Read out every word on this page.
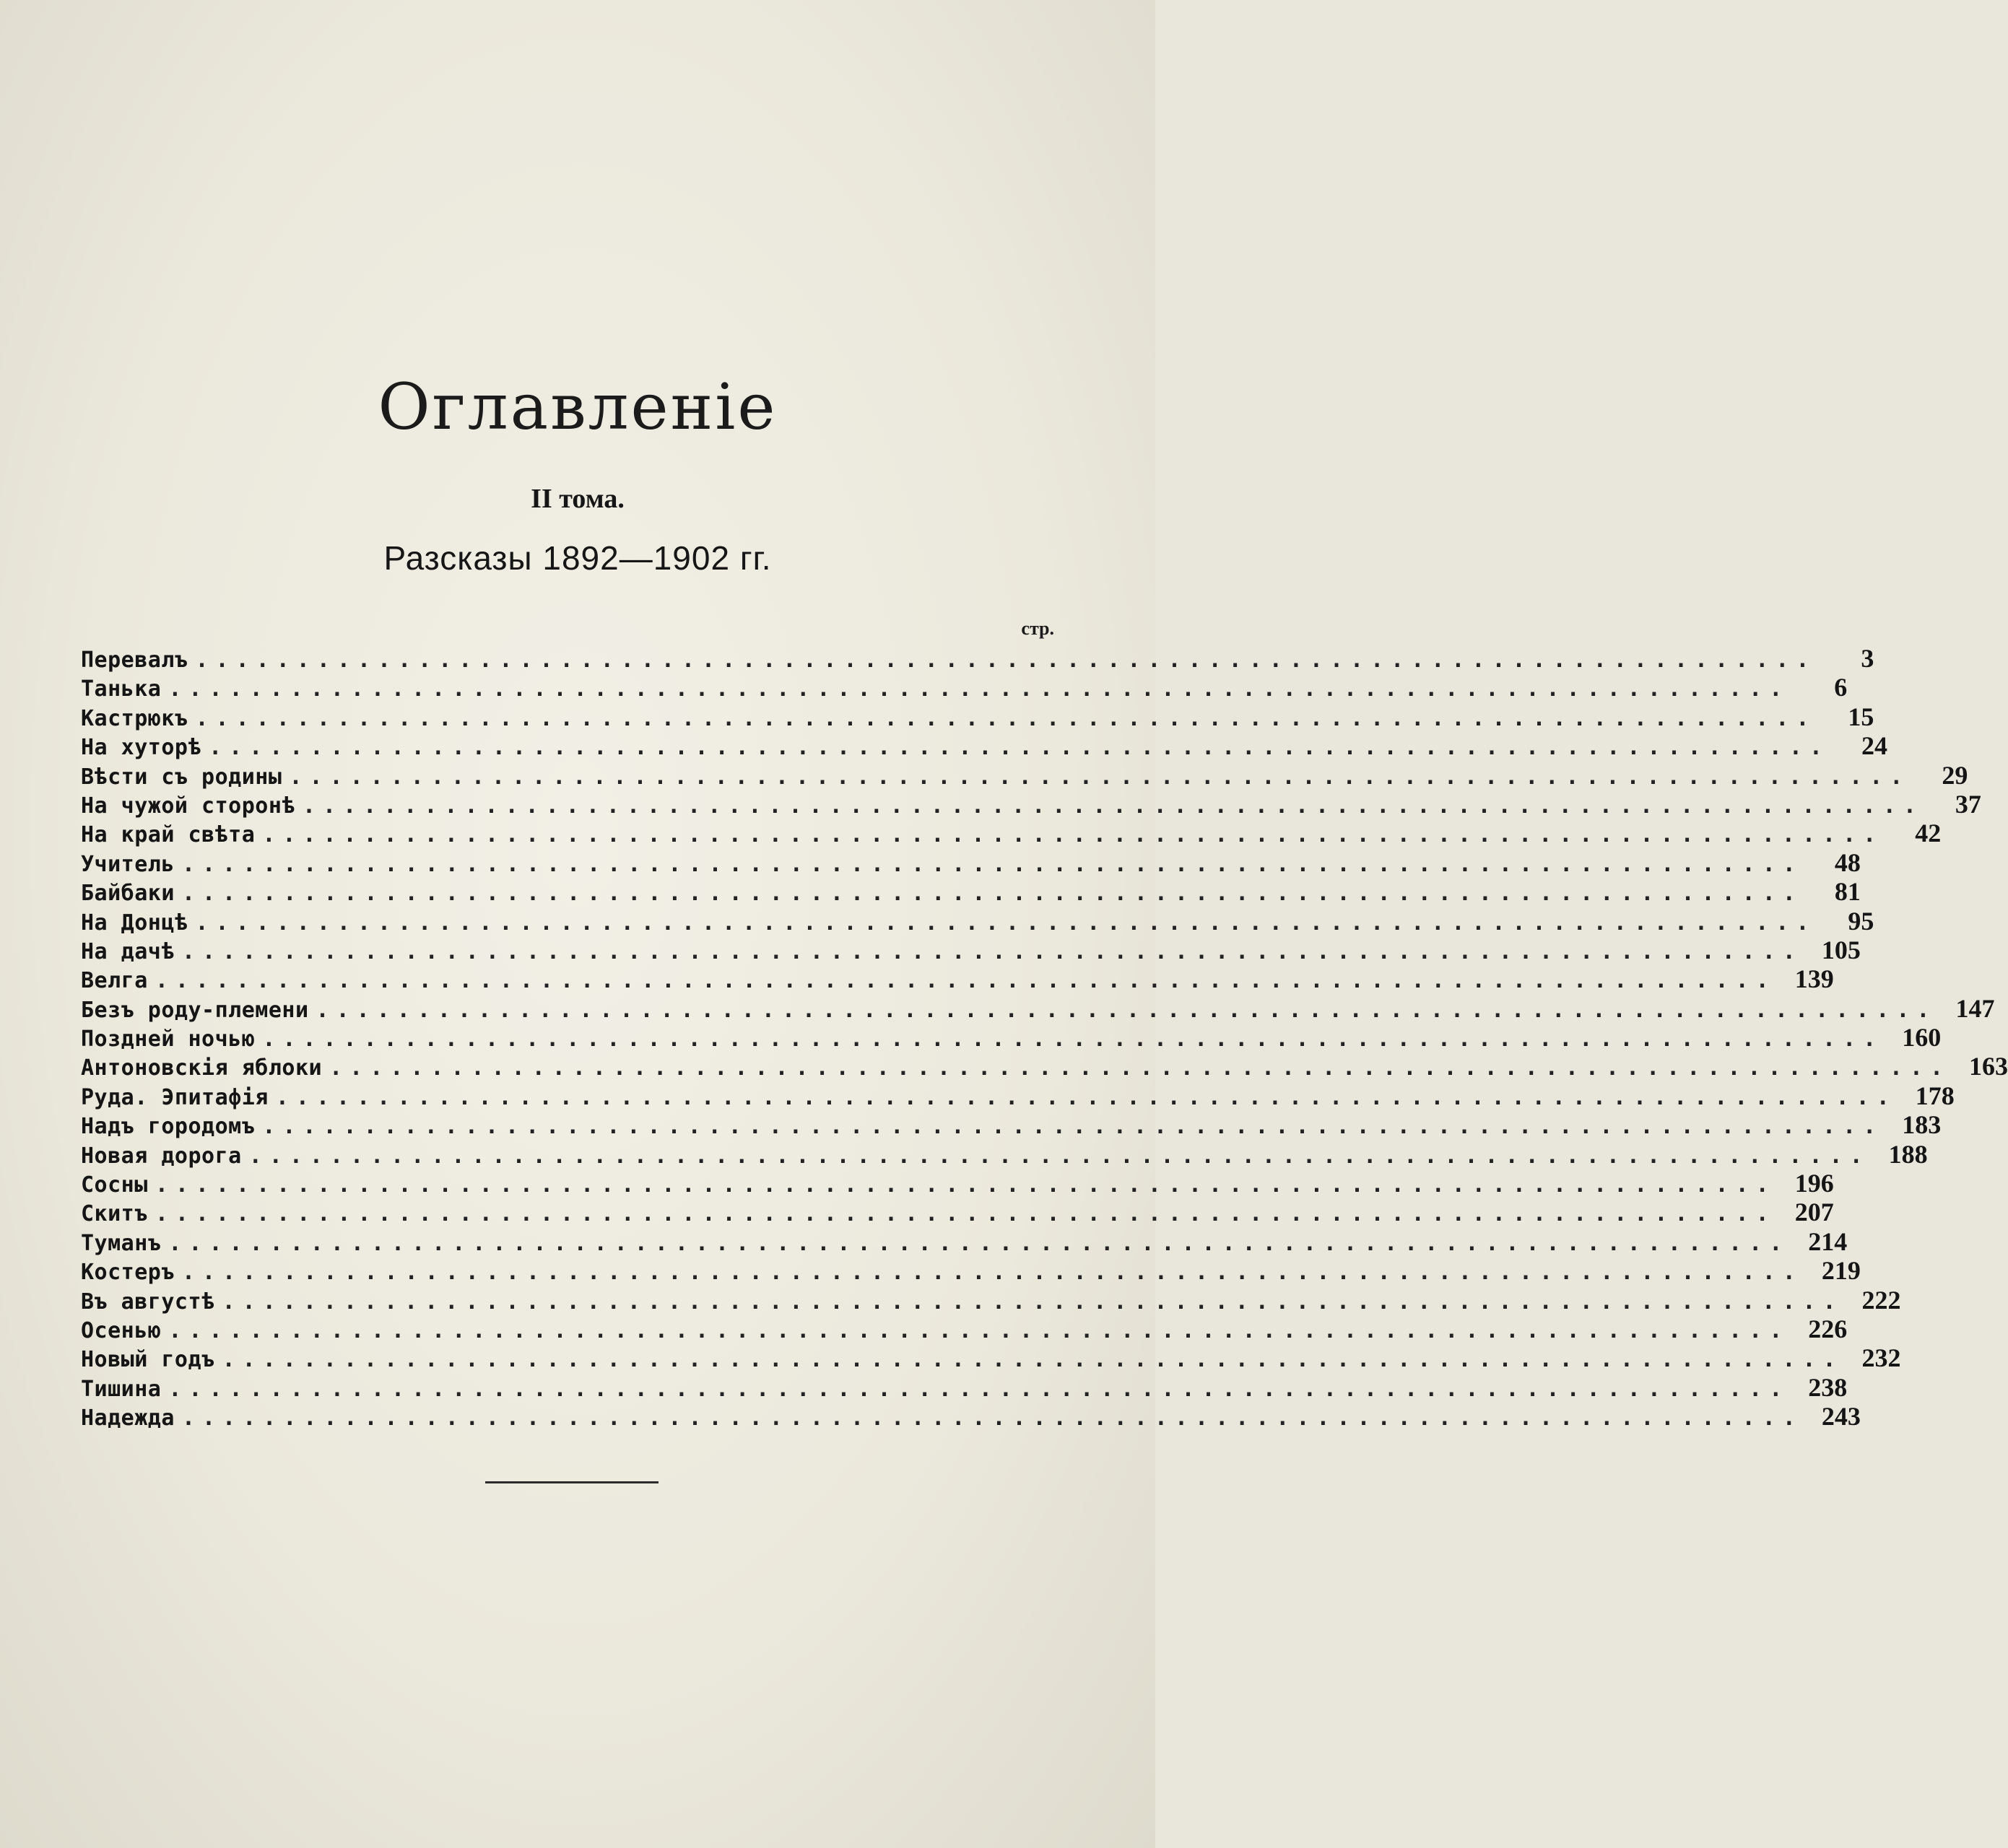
Оглавленіе
II тома.
Разсказы 1892—1902 гг.
стр.
Перевалъ ................................................................................	3
Танька ................................................................................	6
Кастрюкъ ................................................................................	15
На хуторѣ ................................................................................	24
Вѣсти съ родины ................................................................................	29
На чужой сторонѣ ................................................................................	37
На край свѣта ................................................................................	42
Учитель ................................................................................	48
Байбаки ................................................................................	81
На Донцѣ ................................................................................	95
На дачѣ ................................................................................ 105
Велга ................................................................................ 139
Безъ роду-племени ................................................................................ 147
Поздней ночью ................................................................................ 160
Антоновскія яблоки ................................................................................ 163
Руда. Эпитафія ................................................................................ 178
Надъ городомъ ................................................................................ 183
Новая дорога ................................................................................ 188
Сосны ................................................................................ 196
Скитъ ................................................................................ 207
Туманъ ................................................................................ 214
Костеръ ................................................................................ 219
Въ августѣ ................................................................................ 222
Осенью ................................................................................ 226
Новый годъ ................................................................................ 232
Тишина ................................................................................ 238
Надежда ................................................................................ 243
